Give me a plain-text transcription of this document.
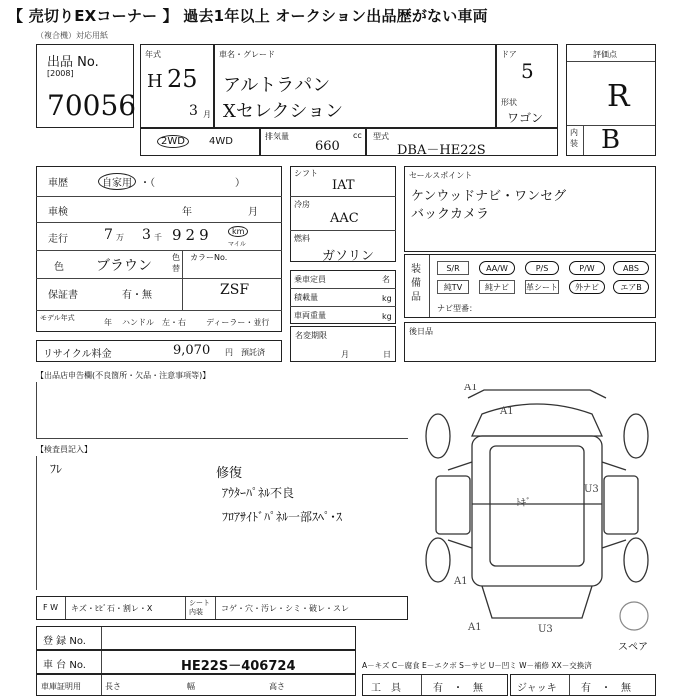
【 売切りEXコーナー 】 過去1年以上 オークション出品歴がない車両
（複合機）対応用紙
出品 No.
[2008]
70056
年式
H 25
3 月
車名・グレード
アルトラパン
Xセレクション
ドア
5
形状
ワゴン
評価点
R
内装 B
2WD	4WD	排気量	cc
660
型式
DBA－HE22S
車歴	自家用 ・（　　　　　　　　）
車検	年	月
走行	7 万 3 千 929	km
マイル
色 ブラウン
色替
カラーNo.
ZSF
保証書	有・無
モデル年式	年 ハンドル　左・右	ディーラー・並行
リサイクル料金	9,070 円 預託済
シフト
IAT
冷房
AAC
燃料
ガソリン
乗車定員	名
積載量	kg
車両重量	kg
名変期限
月	日
セールスポイント
ケンウッドナビ・ワンセグ
バックカメラ
装備品
S/R	AA/W	P/S	P/W	ABS
純TV	純ナビ	革シート	外ナビ	エアB
ナビ型番：
後日品
【出品店申告欄(不良箇所・欠品・注意事項等)】
【検査員記入】
ﾌﾚ	修復
ｱｳﾀｰﾊﾟﾈﾙ不良
ﾌﾛｱｻｲﾄﾞﾊﾟﾈﾙ一部ｽﾍﾟ･ｽ
A1
A1
A1
A1
U3
U3
ﾄｷﾞ
スペア
F W キズ・ﾋﾋﾞ石・割レ・X
シート内装	コゲ・穴・汚レ・シミ・破レ・スレ
登 録 No.
車 台 No.	HE22S－406724
車庫証明用	長さ	幅	高さ
A－キズ C－腐食 E－エクボ S－サビ U－凹ミ W－補修 XX－交換済
工　具	有　・　無	ジャッキ 有　・　無
